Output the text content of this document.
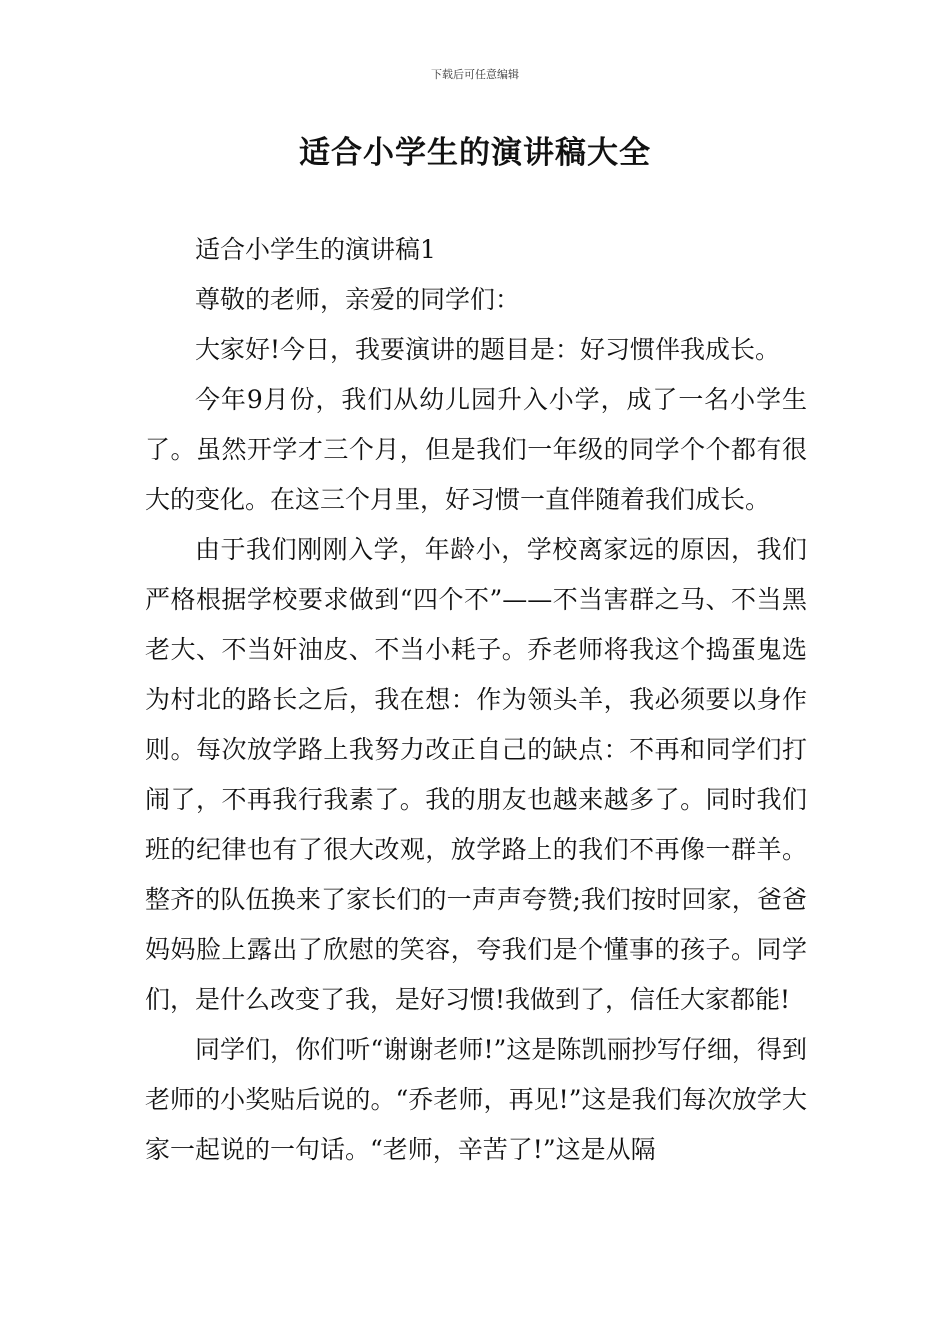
下载后可任意编辑
适合小学生的演讲稿大全

适合小学生的演讲稿1

尊敬的老师，亲爱的同学们：

大家好!今日，我要演讲的题目是：好习惯伴我成长。

今年9月份，我们从幼儿园升入小学，成了一名小学生了。虽然开学才三个月，但是我们一年级的同学个个都有很大的变化。在这三个月里，好习惯一直伴随着我们成长。

由于我们刚刚入学，年龄小，学校离家远的原因，我们严格根据学校要求做到“四个不”——不当害群之马、不当黑老大、不当奸油皮、不当小耗子。乔老师将我这个捣蛋鬼选为村北的路长之后，我在想：作为领头羊，我必须要以身作则。每次放学路上我努力改正自己的缺点：不再和同学们打闹了，不再我行我素了。我的朋友也越来越多了。同时我们班的纪律也有了很大改观，放学路上的我们不再像一群羊。整齐的队伍换来了家长们的一声声夸赞;我们按时回家，爸爸妈妈脸上露出了欣慰的笑容，夸我们是个懂事的孩子。同学们，是什么改变了我，是好习惯!我做到了，信任大家都能!

同学们，你们听“谢谢老师!”这是陈凯丽抄写仔细，得到老师的小奖贴后说的。“乔老师，再见!”这是我们每次放学大家一起说的一句话。“老师，辛苦了!”这是从隔
